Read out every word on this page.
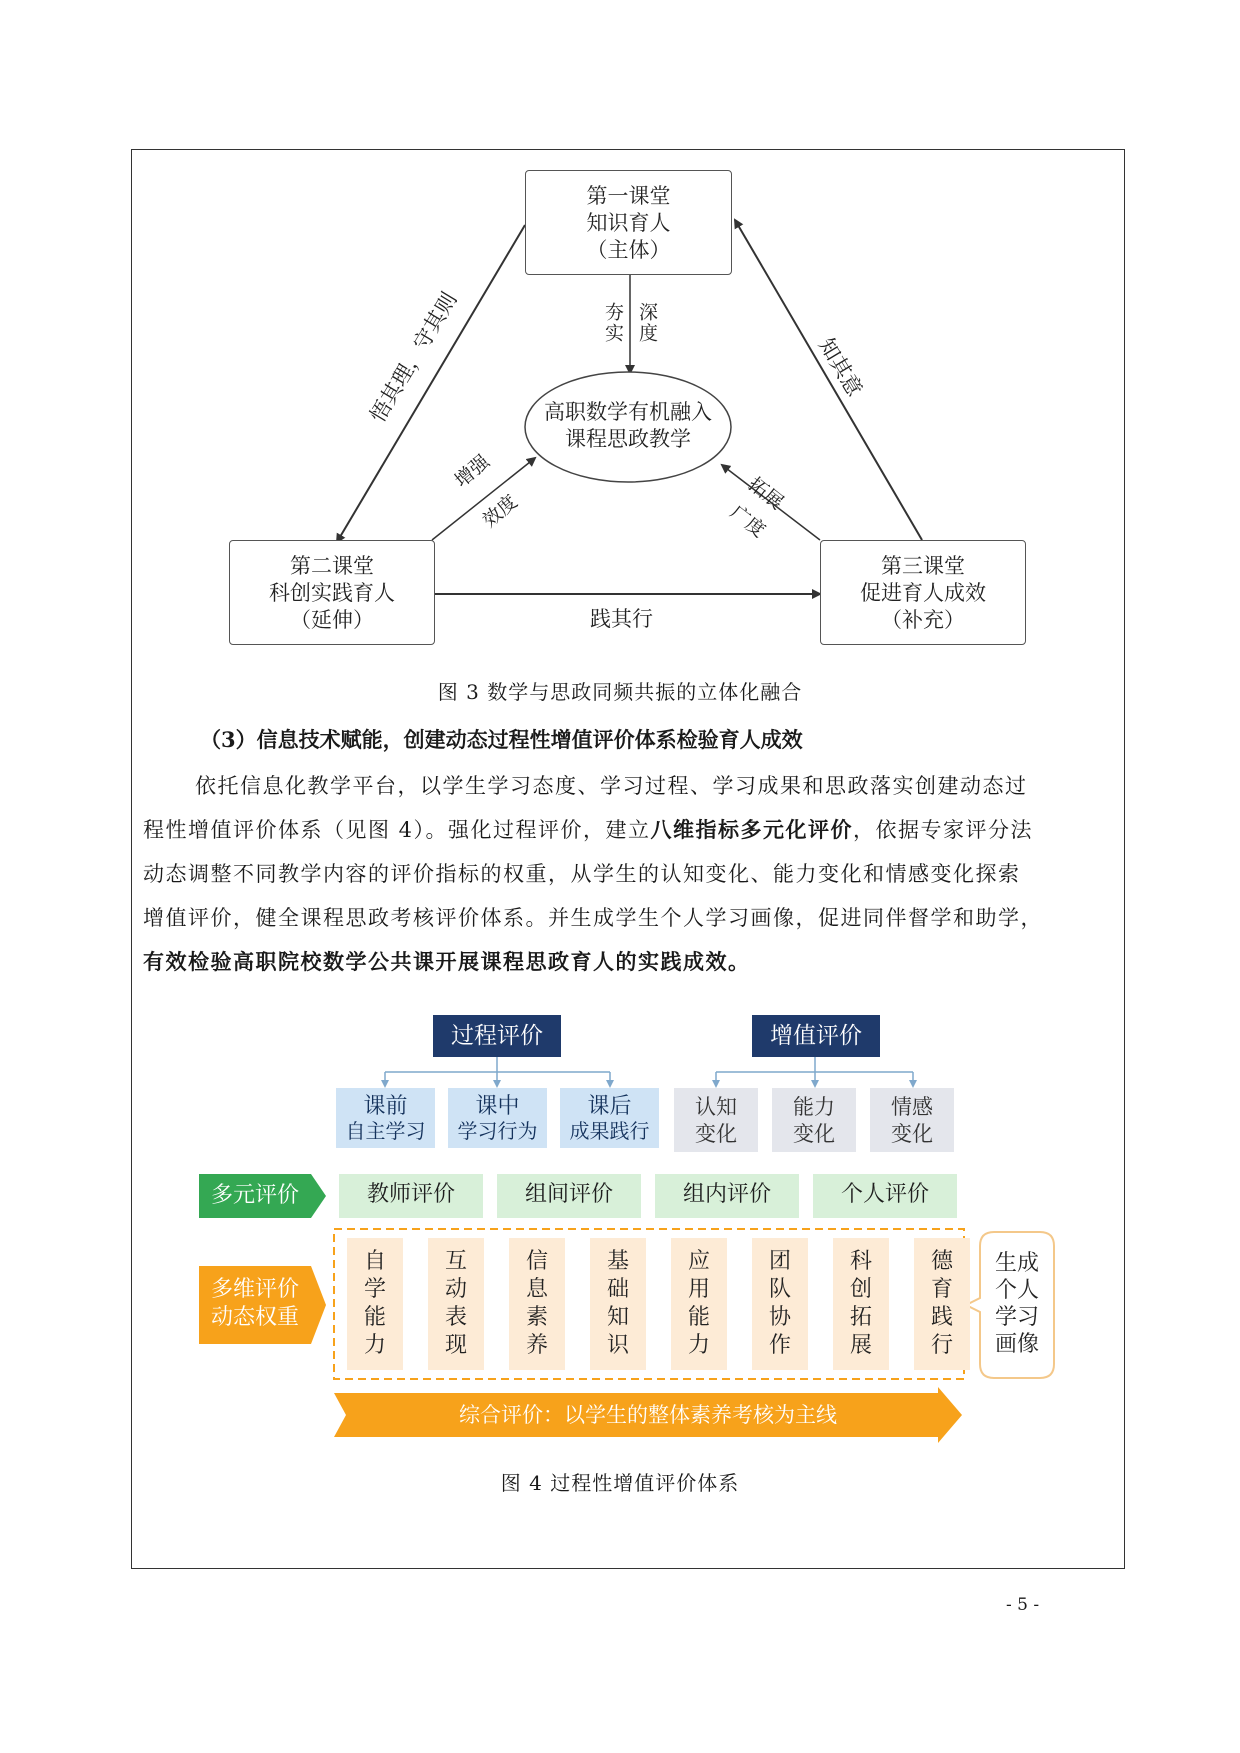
第一课堂
知识育人
（主体）
第二课堂
科创实践育人
（延伸）
第三课堂
促进育人成效
（补充）
高职数学有机融入
课程思政教学
夯实 深度
增强
效度	拓展
广度
悟其理，守其则	知其意
践其行
图 3 数学与思政同频共振的立体化融合
（3）信息技术赋能，创建动态过程性增值评价体系检验育人成效
依托信息化教学平台，以学生学习态度、学习过程、学习成果和思政落实创建动态过
程性增值评价体系（见图 4）。强化过程评价，建立八维指标多元化评价，依据专家评分法
动态调整不同教学内容的评价指标的权重，从学生的认知变化、能力变化和情感变化探索
增值评价，健全课程思政考核评价体系。并生成学生个人学习画像，促进同伴督学和助学，
有效检验高职院校数学公共课开展课程思政育人的实践成效。
过程评价	增值评价
课前
自主学习
课中
学习行为
课后
成果践行
认知
变化
能力
变化
情感
变化
多元评价	教师评价	组间评价	组内评价	个人评价
多维评价
动态权重
自
学
能
力
互
动
表
现
信
息
素
养
基
础
知
识
应
用
能
力
团
队
协
作
科
创
拓
展
德
育
践
行
生成
个人
学习
画像
综合评价：以学生的整体素养考核为主线
图 4 过程性增值评价体系
- 5 -
